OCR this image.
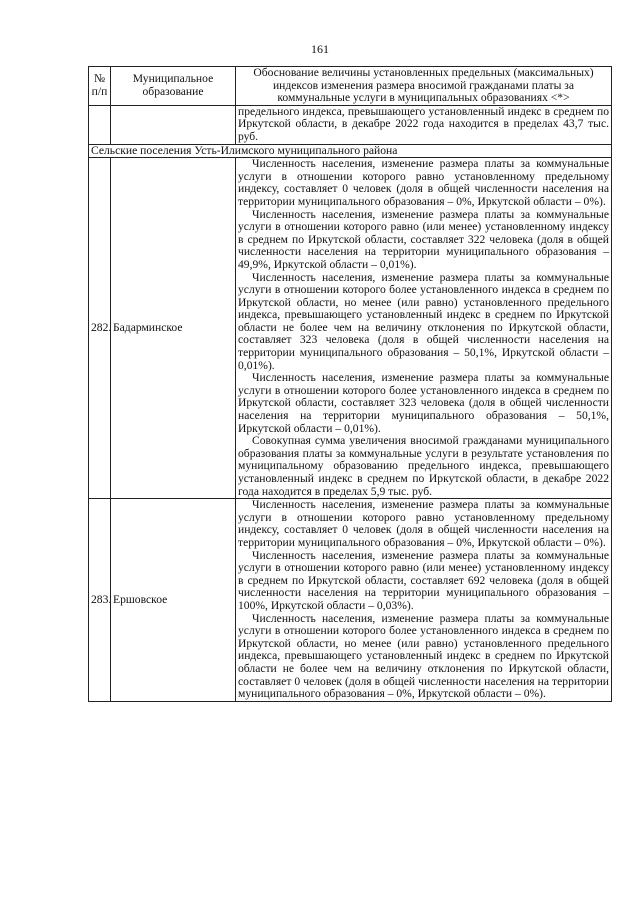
161
№ п/п	Муниципальное образование	Обоснование величины установленных предельных (максимальных) индексов изменения размера вносимой гражданами платы за коммунальные услуги в муниципальных образованиях <*>
		предельного индекса, превышающего установленный индекс в среднем по Иркутской области, в декабре 2022 года находится в пределах 43,7 тыс. руб.
Сельские поселения Усть-Илимского муниципального района		
282.	Бадарминское	Численность населения, изменение размера платы за коммунальные услуги в отношении которого равно установленному предельному индексу, составляет 0 человек (доля в общей численности населения на территории муниципального образования – 0%, Иркутской области – 0%).

Численность населения, изменение размера платы за коммунальные услуги в отношении которого равно (или менее) установленному индексу в среднем по Иркутской области, составляет 322 человека (доля в общей численности населения на территории муниципального образования – 49,9%, Иркутской области – 0,01%).

Численность населения, изменение размера платы за коммунальные услуги в отношении которого более установленного индекса в среднем по Иркутской области, но менее (или равно) установленного предельного индекса, превышающего установленный индекс в среднем по Иркутской области не более чем на величину отклонения по Иркутской области, составляет 323 человека (доля в общей численности населения на территории муниципального образования – 50,1%, Иркутской области – 0,01%).

Численность населения, изменение размера платы за коммунальные услуги в отношении которого более установленного индекса в среднем по Иркутской области, составляет 323 человека (доля в общей численности населения на территории муниципального образования – 50,1%, Иркутской области – 0,01%).

Совокупная сумма увеличения вносимой гражданами муниципального образования платы за коммунальные услуги в результате установления по муниципальному образованию предельного индекса, превышающего установленный индекс в среднем по Иркутской области, в декабре 2022 года находится в пределах 5,9 тыс. руб.

283.	Ершовское	Численность населения, изменение размера платы за коммунальные услуги в отношении которого равно установленному предельному индексу, составляет 0 человек (доля в общей численности населения на территории муниципального образования – 0%, Иркутской области – 0%).

Численность населения, изменение размера платы за коммунальные услуги в отношении которого равно (или менее) установленному индексу в среднем по Иркутской области, составляет 692 человека (доля в общей численности населения на территории муниципального образования – 100%, Иркутской области – 0,03%).

Численность населения, изменение размера платы за коммунальные услуги в отношении которого более установленного индекса в среднем по Иркутской области, но менее (или равно) установленного предельного индекса, превышающего установленный индекс в среднем по Иркутской области не более чем на величину отклонения по Иркутской области, составляет 0 человек (доля в общей численности населения на территории муниципального образования – 0%, Иркутской области – 0%).
